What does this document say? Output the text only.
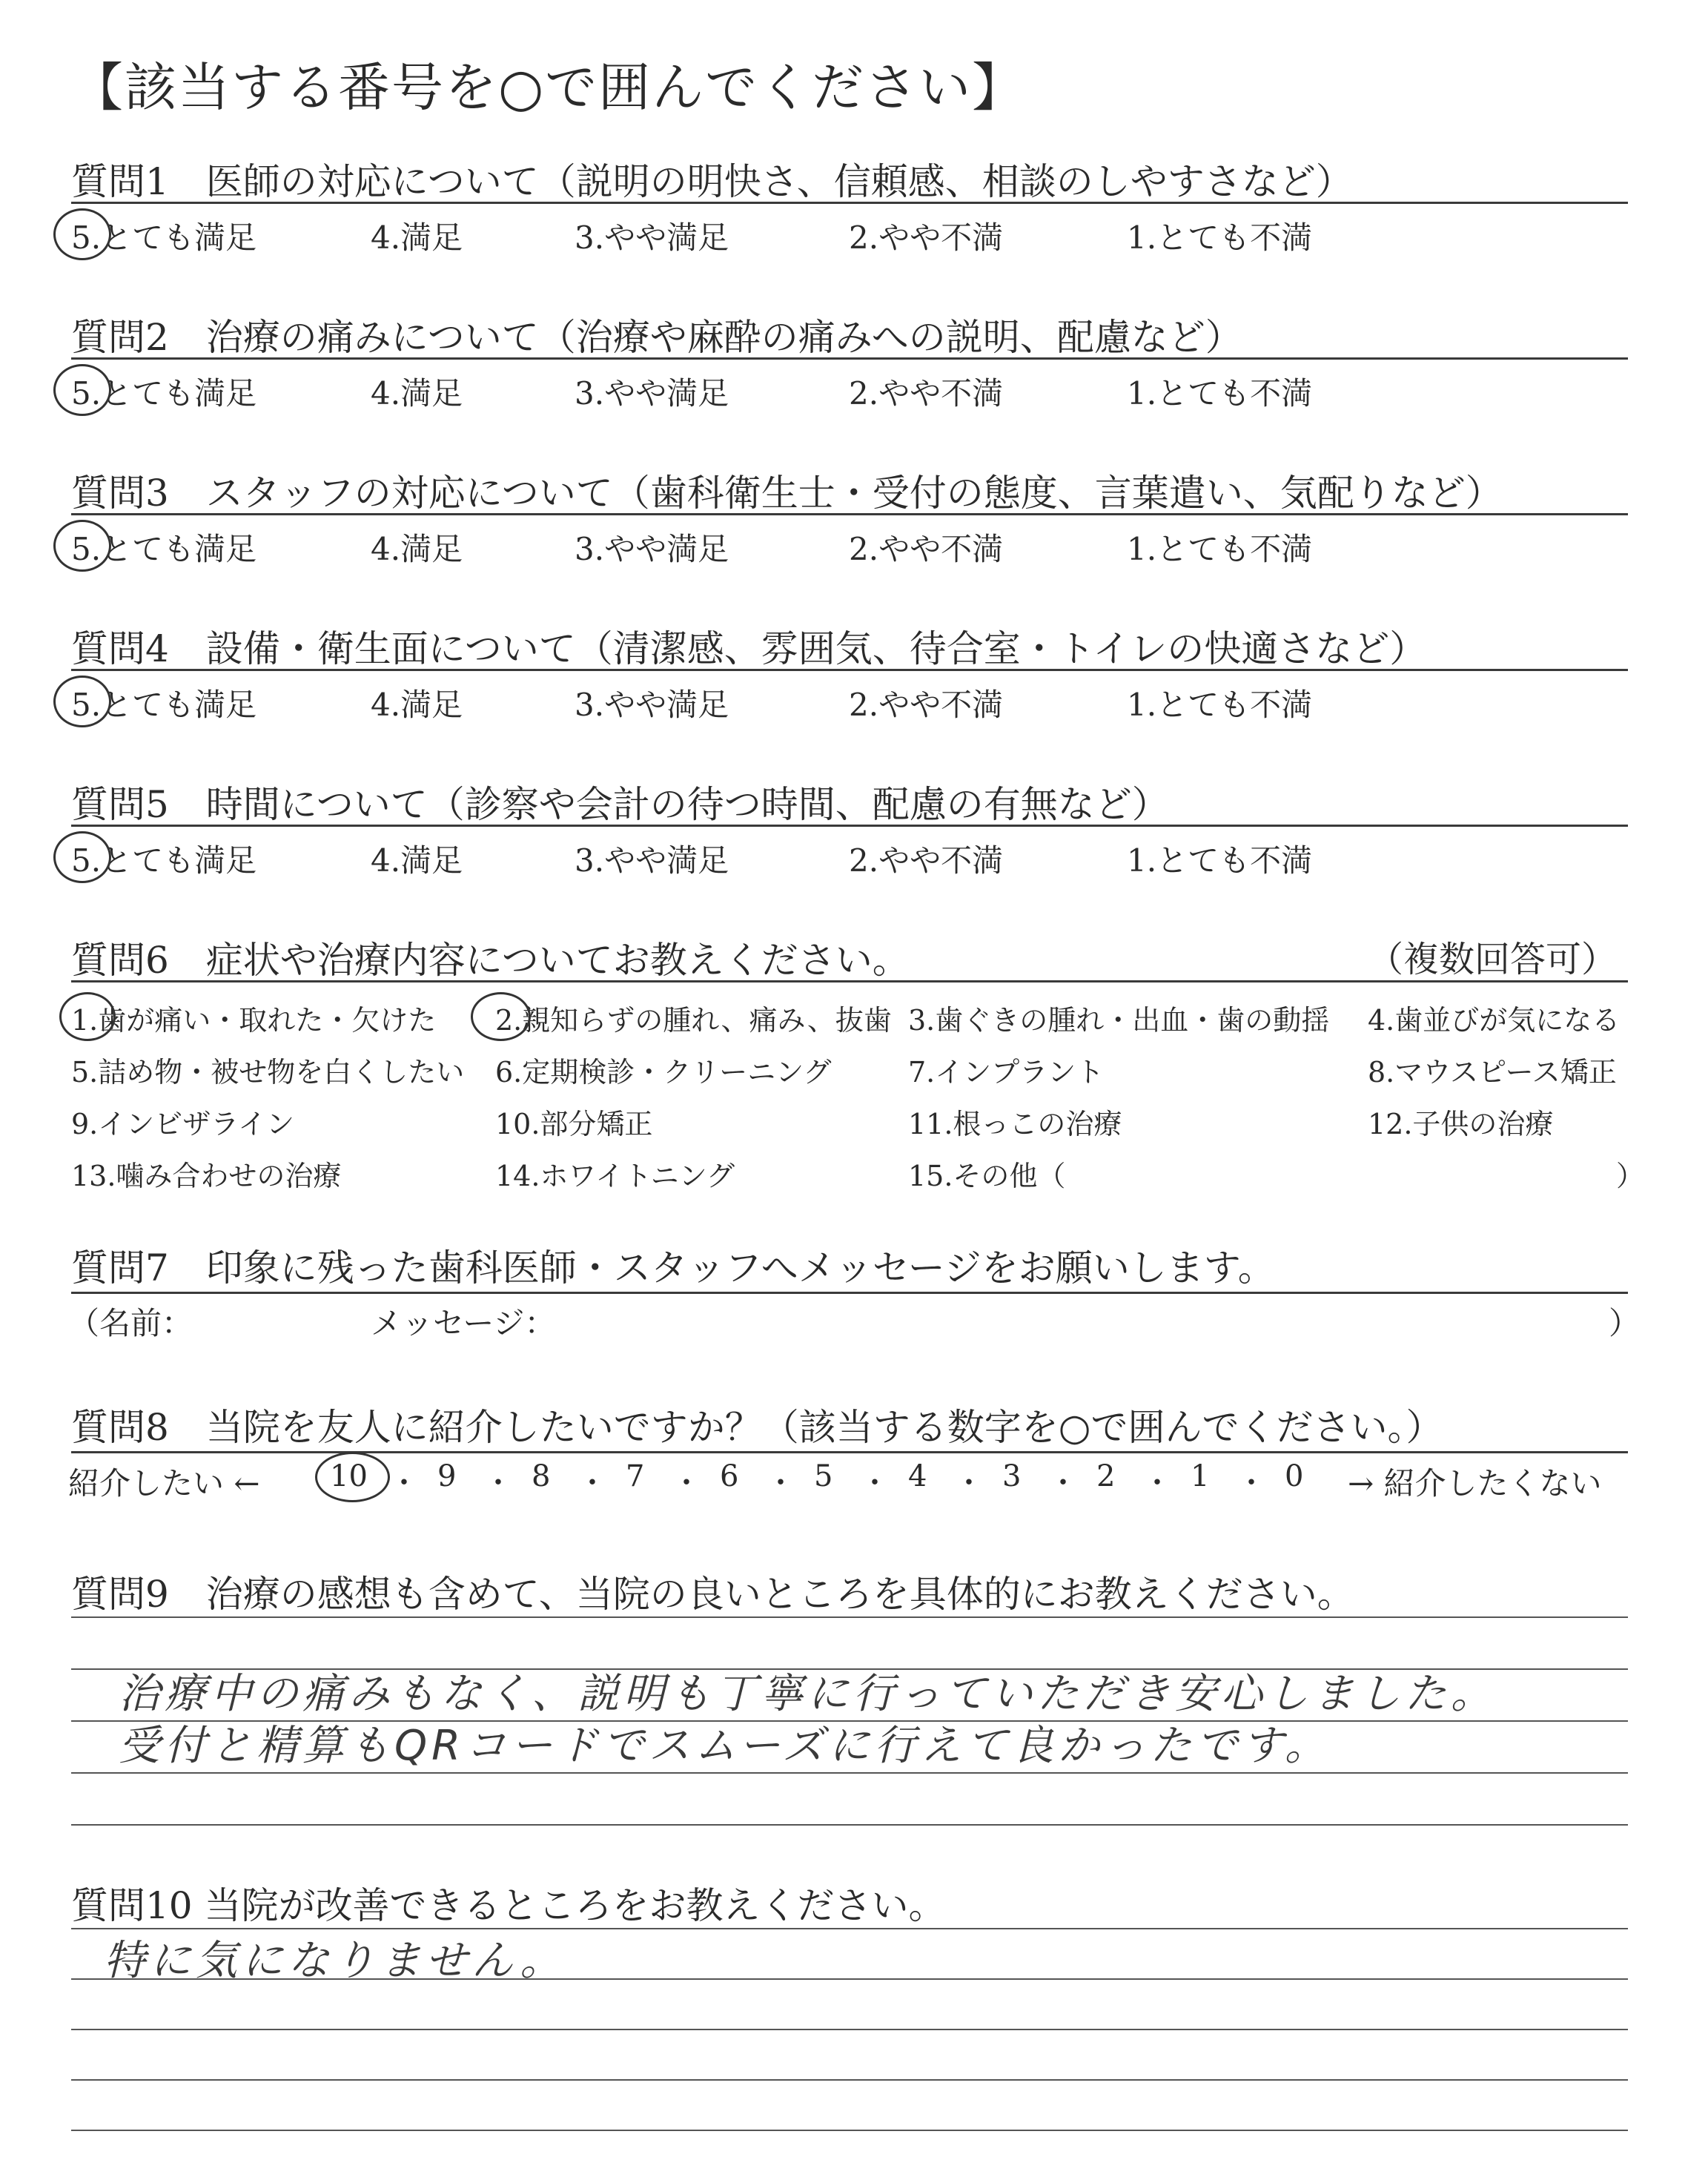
【該当する番号を○で囲んでください】
質問1　医師の対応について（説明の明快さ、信頼感、相談のしやすさなど）
5.とても満足	4.満足	3.やや満足	2.やや不満	1.とても不満
質問2　治療の痛みについて（治療や麻酔の痛みへの説明、配慮など）
5.とても満足	4.満足	3.やや満足	2.やや不満	1.とても不満
質問3　スタッフの対応について（歯科衛生士・受付の態度、言葉遣い、気配りなど）
5.とても満足	4.満足	3.やや満足	2.やや不満	1.とても不満
質問4　設備・衛生面について（清潔感、雰囲気、待合室・トイレの快適さなど）
5.とても満足	4.満足	3.やや満足	2.やや不満	1.とても不満
質問5　時間について（診察や会計の待つ時間、配慮の有無など）
5.とても満足	4.満足	3.やや満足	2.やや不満	1.とても不満
質問6　症状や治療内容についてお教えください。	（複数回答可）
1.歯が痛い・取れた・欠けた 2.親知らずの腫れ、痛み、抜歯 3.歯ぐきの腫れ・出血・歯の動揺 4.歯並びが気になる
5.詰め物・被せ物を白くしたい 6.定期検診・クリーニング	7.インプラント	8.マウスピース矯正
9.インビザライン	10.部分矯正	11.根っこの治療	12.子供の治療
13.噛み合わせの治療	14.ホワイトニング	15.その他（	）
質問7　印象に残った歯科医師・スタッフへメッセージをお願いします。
（名前：	メッセージ：	）
質問8　当院を友人に紹介したいですか？（該当する数字を○で囲んでください。）
紹介したい ← 10 ・ 9 ・ 8 ・ 7 ・ 6 ・ 5 ・ 4 ・ 3 ・ 2 ・ 1 ・ 0 → 紹介したくない
質問9　治療の感想も含めて、当院の良いところを具体的にお教えください。
治療中の痛みもなく、説明も丁寧に行っていただき安心しました。
受付と精算もQRコードでスムーズに行えて良かったです。
質問10 当院が改善できるところをお教えください。
特に気になりません。
